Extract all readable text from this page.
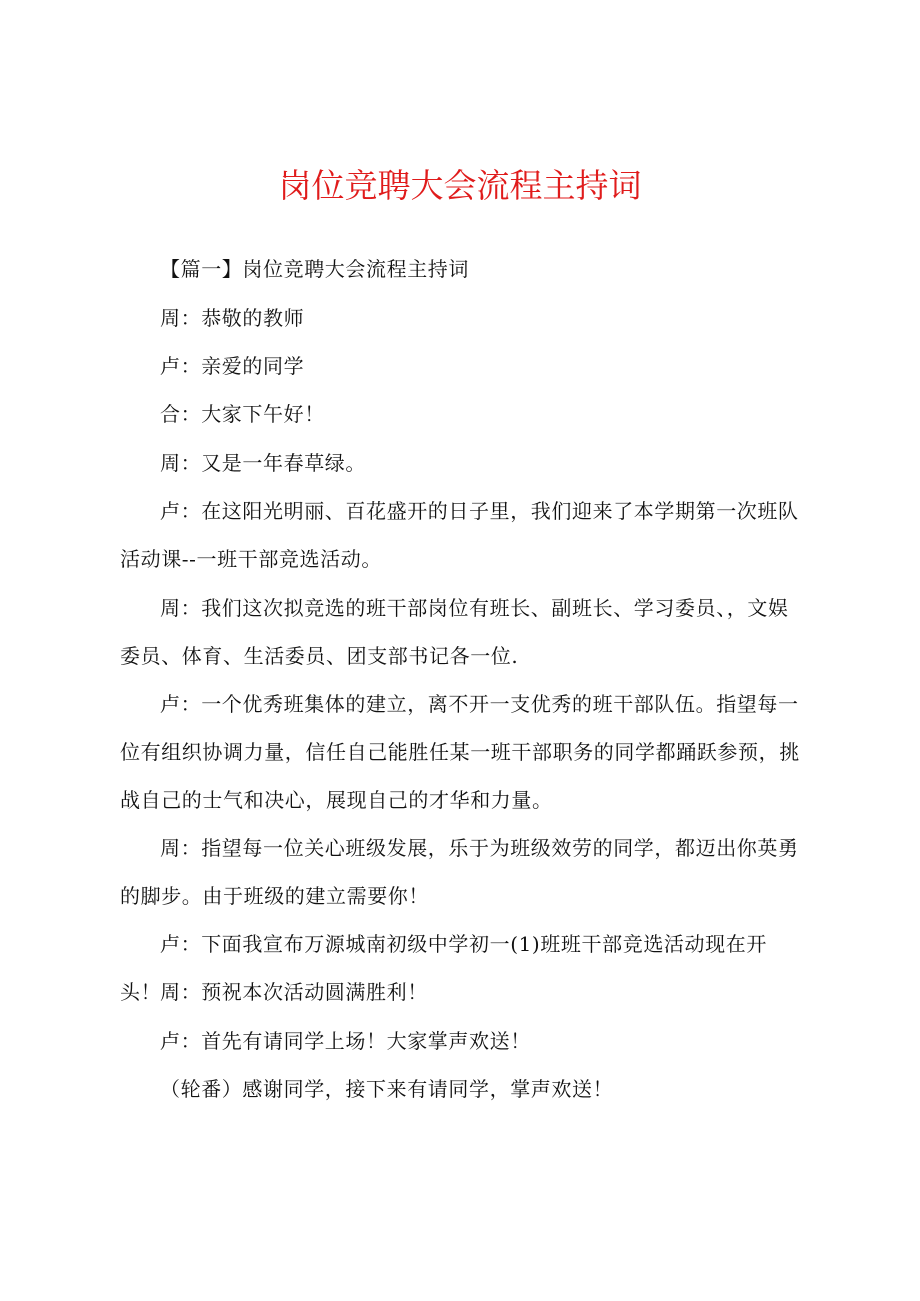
岗位竞聘大会流程主持词
【篇一】岗位竞聘大会流程主持词
周：恭敬的教师
卢：亲爱的同学
合：大家下午好！
周：又是一年春草绿。
卢：在这阳光明丽、百花盛开的日子里，我们迎来了本学期第一次班队活动课--一班干部竞选活动。
周：我们这次拟竞选的班干部岗位有班长、副班长、学习委员、，文娱委员、体育、生活委员、团支部书记各一位.
卢：一个优秀班集体的建立，离不开一支优秀的班干部队伍。指望每一位有组织协调力量，信任自己能胜任某一班干部职务的同学都踊跃参预，挑战自己的士气和决心，展现自己的才华和力量。
周：指望每一位关心班级发展，乐于为班级效劳的同学，都迈出你英勇的脚步。由于班级的建立需要你！
卢：下面我宣布万源城南初级中学初一(1)班班干部竞选活动现在开头！
周：预祝本次活动圆满胜利！
卢：首先有请同学上场！大家掌声欢送！
（轮番）感谢同学，接下来有请同学，掌声欢送！
